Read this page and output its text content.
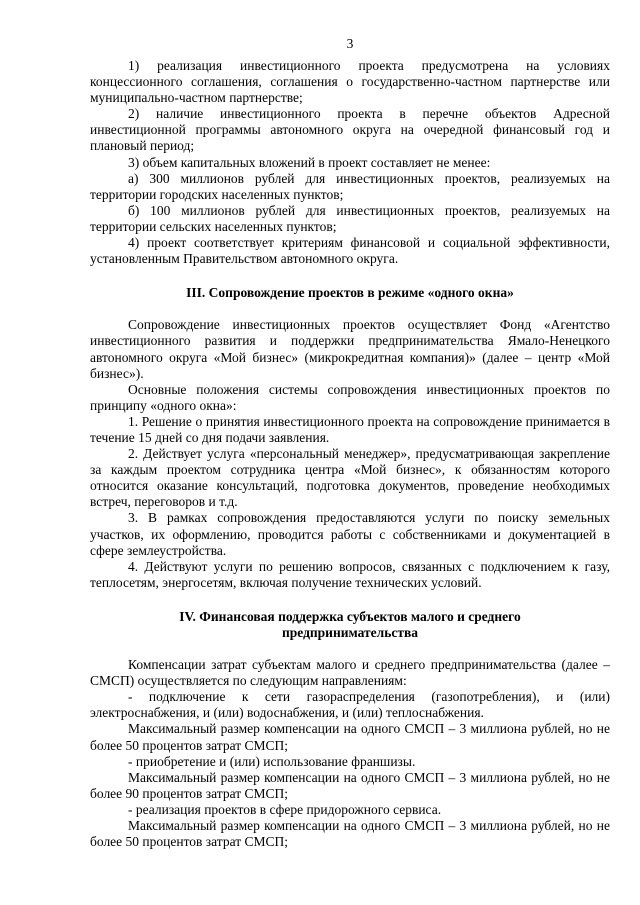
3

1) реализация инвестиционного проекта предусмотрена на условиях концессионного соглашения, соглашения о государственно-частном партнерстве или муниципально-частном партнерстве;

2) наличие инвестиционного проекта в перечне объектов Адресной инвестиционной программы автономного округа на очередной финансовый год и плановый период;

3) объем капитальных вложений в проект составляет не менее:

а) 300 миллионов рублей для инвестиционных проектов, реализуемых на территории городских населенных пунктов;

б) 100 миллионов рублей для инвестиционных проектов, реализуемых на территории сельских населенных пунктов;

4) проект соответствует критериям финансовой и социальной эффективности, установленным Правительством автономного округа.

III. Сопровождение проектов в режиме «одного окна»

Сопровождение инвестиционных проектов осуществляет Фонд «Агентство инвестиционного развития и поддержки предпринимательства Ямало-Ненецкого автономного округа «Мой бизнес» (микрокредитная компания)» (далее – центр «Мой бизнес»).

Основные положения системы сопровождения инвестиционных проектов по принципу «одного окна»:

1. Решение о принятия инвестиционного проекта на сопровождение принимается в течение 15 дней со дня подачи заявления.

2. Действует услуга «персональный менеджер», предусматривающая закрепление за каждым проектом сотрудника центра «Мой бизнес», к обязанностям которого относится оказание консультаций, подготовка документов, проведение необходимых встреч, переговоров и т.д.

3. В рамках сопровождения предоставляются услуги по поиску земельных участков, их оформлению, проводится работы с собственниками и документацией в сфере землеустройства.

4. Действуют услуги по решению вопросов, связанных с подключением к газу, теплосетям, энергосетям, включая получение технических условий.

IV. Финансовая поддержка субъектов малого и среднего
предпринимательства

Компенсации затрат субъектам малого и среднего предпринимательства (далее – СМСП) осуществляется по следующим направлениям:

- подключение к сети газораспределения (газопотребления), и (или) электроснабжения, и (или) водоснабжения, и (или) теплоснабжения.

Максимальный размер компенсации на одного СМСП – 3 миллиона рублей, но не более 50 процентов затрат СМСП;

- приобретение и (или) использование франшизы.

Максимальный размер компенсации на одного СМСП – 3 миллиона рублей, но не более 90 процентов затрат СМСП;

- реализация проектов в сфере придорожного сервиса.

Максимальный размер компенсации на одного СМСП – 3 миллиона рублей, но не более 50 процентов затрат СМСП;
